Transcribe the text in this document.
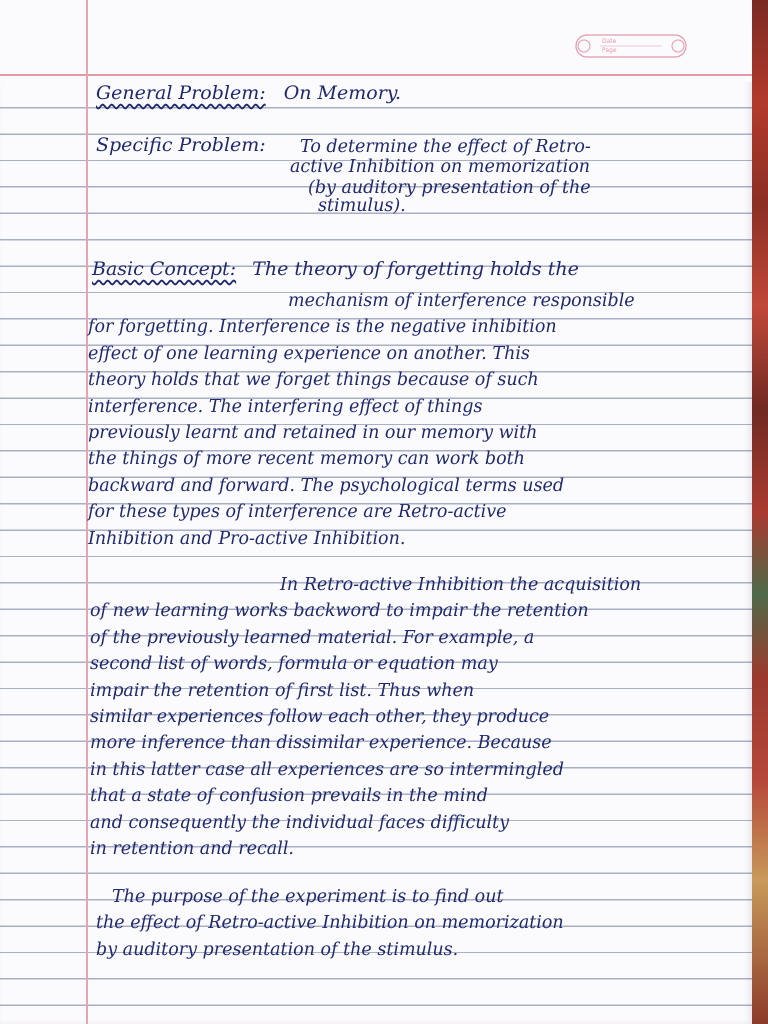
Date
Page
General Problem: On Memory.
Specific Problem: To determine the effect of Retro-
active Inhibition on memorization
(by auditory presentation of the
stimulus).
Basic Concept: The theory of forgetting holds the
mechanism of interference responsible
for forgetting. Interference is the negative inhibition
effect of one learning experience on another. This
theory holds that we forget things because of such
interference. The interfering effect of things
previously learnt and retained in our memory with
the things of more recent memory can work both
backward and forward. The psychological terms used
for these types of interference are Retro-active
Inhibition and Pro-active Inhibition.
In Retro-active Inhibition the acquisition
of new learning works backword to impair the retention
of the previously learned material. For example, a
second list of words, formula or equation may
impair the retention of first list. Thus when
similar experiences follow each other, they produce
more inference than dissimilar experience. Because
in this latter case all experiences are so intermingled
that a state of confusion prevails in the mind
and consequently the individual faces difficulty
in retention and recall.
The purpose of the experiment is to find out
the effect of Retro-active Inhibition on memorization
by auditory presentation of the stimulus.
